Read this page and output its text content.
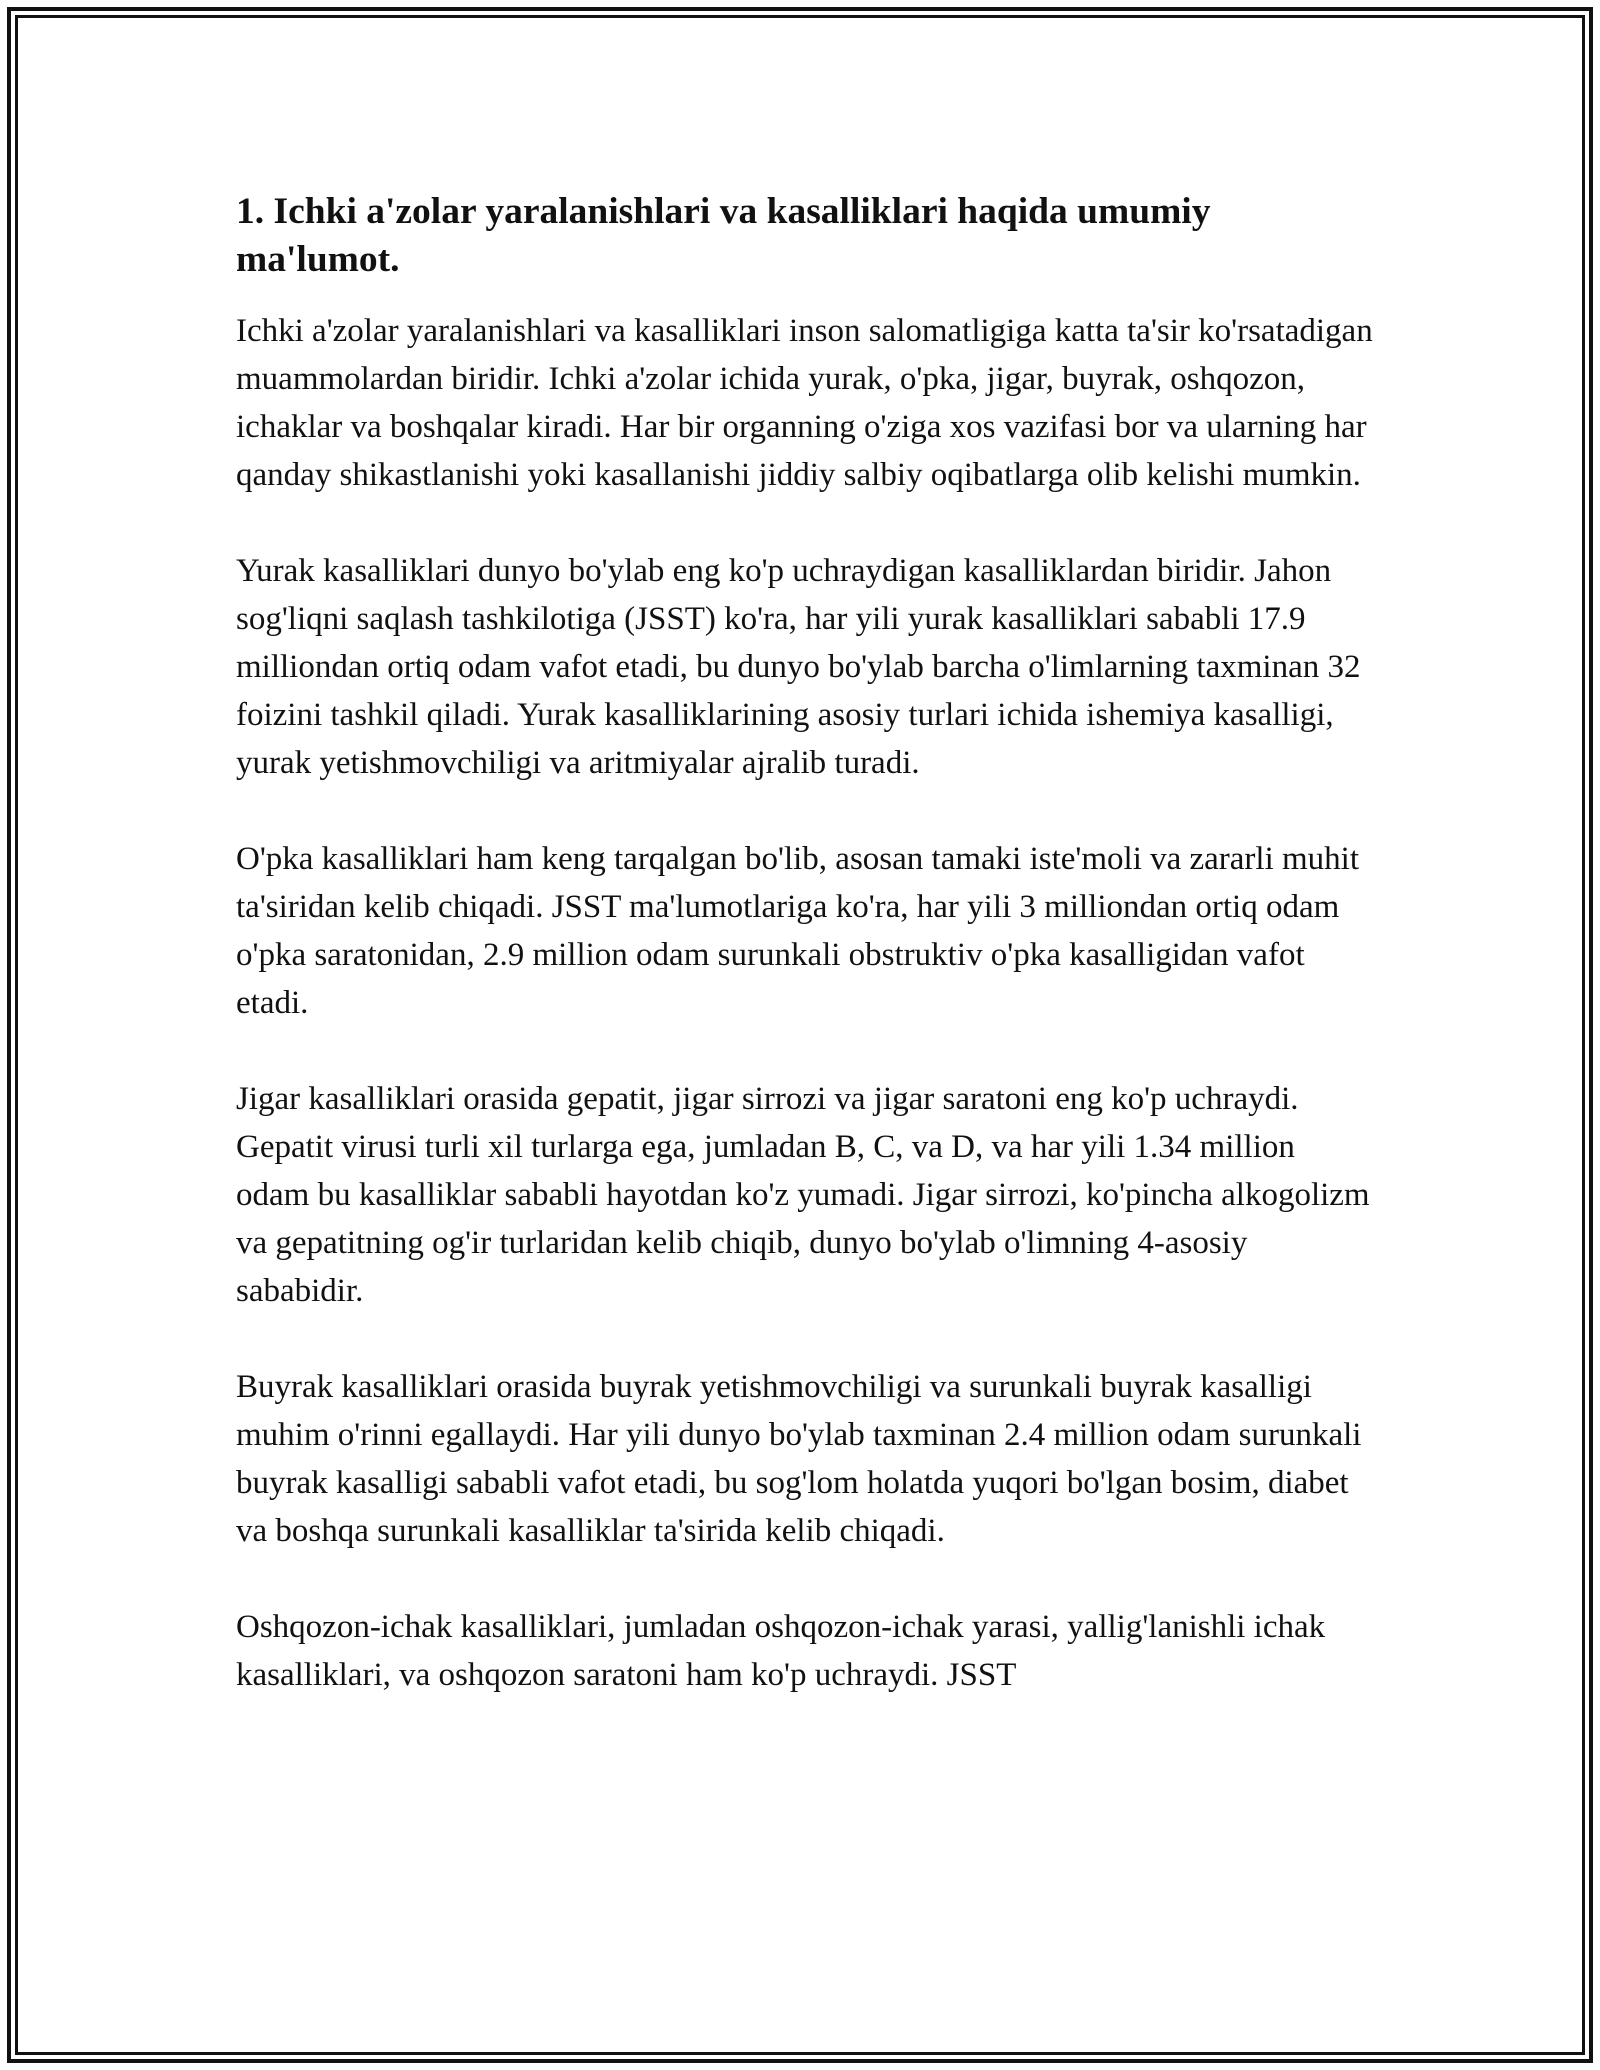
1. Ichki a'zolar yaralanishlari va kasalliklari haqida umumiy ma'lumot.

Ichki a'zolar yaralanishlari va kasalliklari inson salomatligiga katta ta'sir ko'rsatadigan muammolardan biridir. Ichki a'zolar ichida yurak, o'pka, jigar, buyrak, oshqozon, ichaklar va boshqalar kiradi. Har bir organning o'ziga xos vazifasi bor va ularning har qanday shikastlanishi yoki kasallanishi jiddiy salbiy oqibatlarga olib kelishi mumkin.

Yurak kasalliklari dunyo bo'ylab eng ko'p uchraydigan kasalliklardan biridir. Jahon sog'liqni saqlash tashkilotiga (JSST) ko'ra, har yili yurak kasalliklari sababli 17.9 milliondan ortiq odam vafot etadi, bu dunyo bo'ylab barcha o'limlarning taxminan 32 foizini tashkil qiladi. Yurak kasalliklarining asosiy turlari ichida ishemiya kasalligi, yurak yetishmovchiligi va aritmiyalar ajralib turadi.

O'pka kasalliklari ham keng tarqalgan bo'lib, asosan tamaki iste'moli va zararli muhit ta'siridan kelib chiqadi. JSST ma'lumotlariga ko'ra, har yili 3 milliondan ortiq odam o'pka saratonidan, 2.9 million odam surunkali obstruktiv o'pka kasalligidan vafot etadi.

Jigar kasalliklari orasida gepatit, jigar sirrozi va jigar saratoni eng ko'p uchraydi. Gepatit virusi turli xil turlarga ega, jumladan B, C, va D, va har yili 1.34 million odam bu kasalliklar sababli hayotdan ko'z yumadi. Jigar sirrozi, ko'pincha alkogolizm va gepatitning og'ir turlaridan kelib chiqib, dunyo bo'ylab o'limning 4-asosiy sababidir.

Buyrak kasalliklari orasida buyrak yetishmovchiligi va surunkali buyrak kasalligi muhim o'rinni egallaydi. Har yili dunyo bo'ylab taxminan 2.4 million odam surunkali buyrak kasalligi sababli vafot etadi, bu sog'lom holatda yuqori bo'lgan bosim, diabet va boshqa surunkali kasalliklar ta'sirida kelib chiqadi.

Oshqozon-ichak kasalliklari, jumladan oshqozon-ichak yarasi, yallig'lanishli ichak kasalliklari, va oshqozon saratoni ham ko'p uchraydi. JSST
